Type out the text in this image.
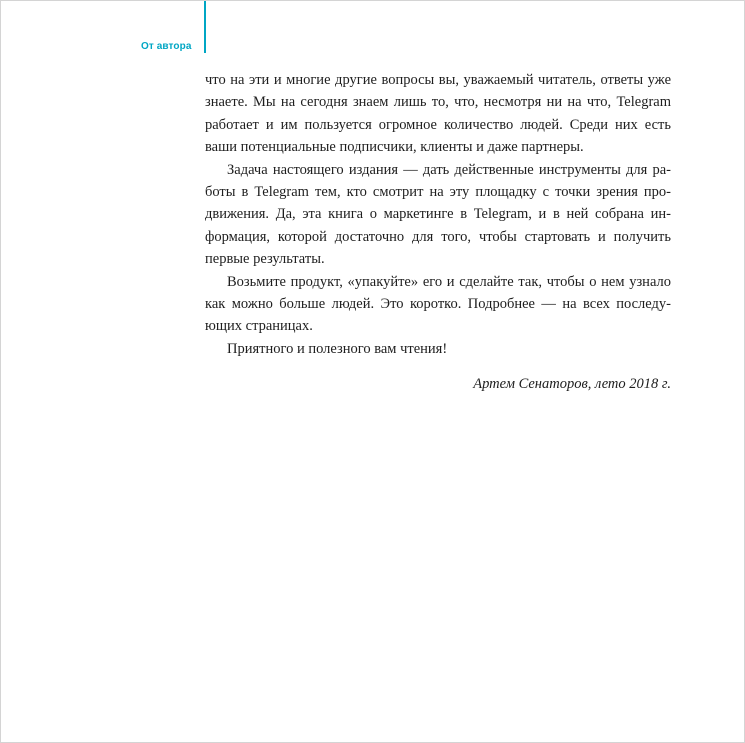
От автора

что на эти и многие другие вопросы вы, уважаемый читатель, ответы уже
знаете. Мы на сегодня знаем лишь то, что, несмотря ни на что, Telegram
работает и им пользуется огромное количество людей. Среди них есть
ваши потенциальные подписчики, клиенты и даже партнеры.

Задача настоящего издания — дать действенные инструменты для ра-
боты в Telegram тем, кто смотрит на эту площадку с точки зрения про-
движения. Да, эта книга о маркетинге в Telegram, и в ней собрана ин-
формация, которой достаточно для того, чтобы стартовать и получить
первые результаты.

Возьмите продукт, «упакуйте» его и сделайте так, чтобы о нем узнало
как можно больше людей. Это коротко. Подробнее — на всех последу-
ющих страницах.

Приятного и полезного вам чтения!

Артем Сенаторов, лето 2018 г.
